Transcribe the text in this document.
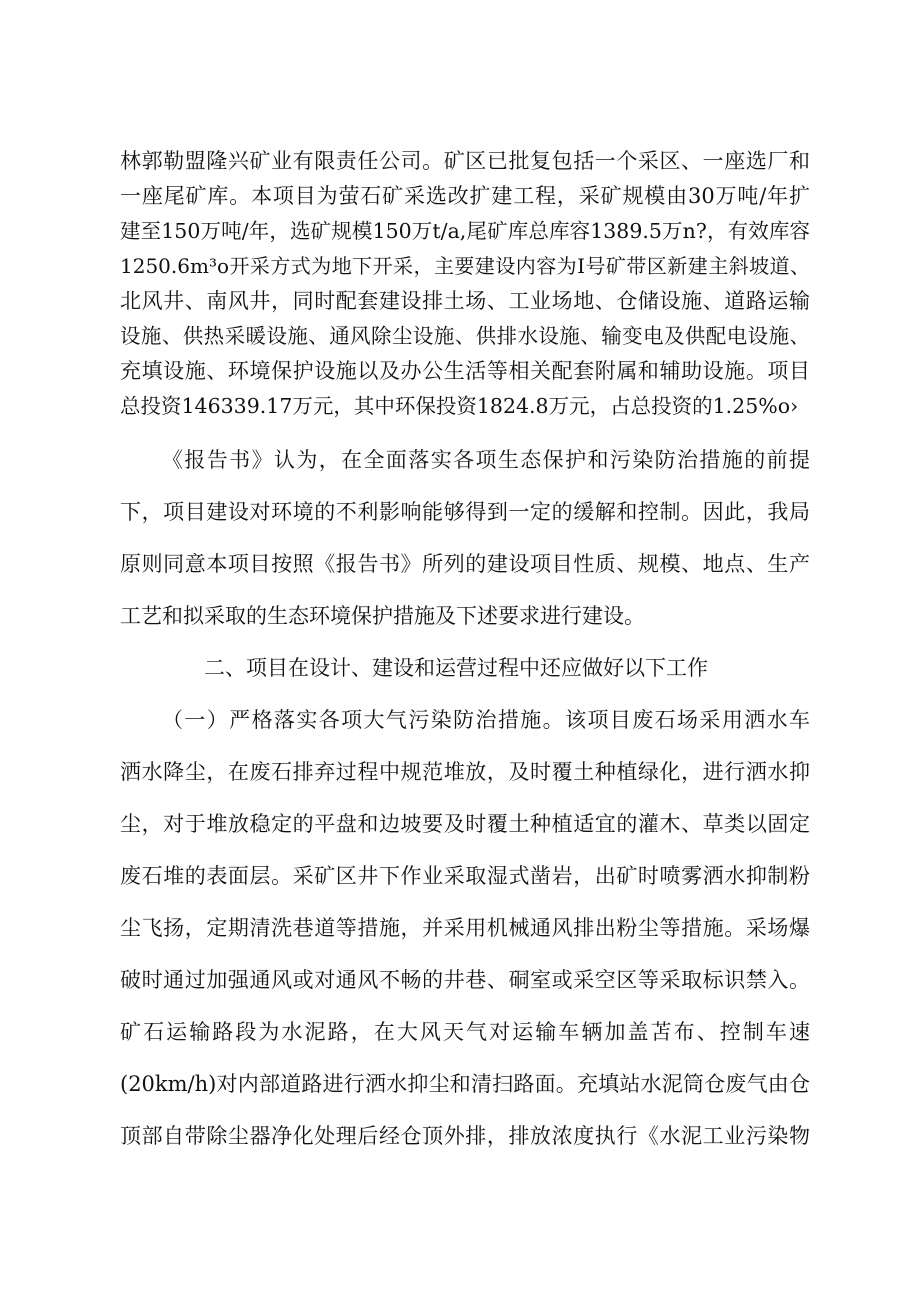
林郭勒盟隆兴矿业有限责任公司。矿区已批复包括一个采区、一座选厂和
一座尾矿库。本项目为萤石矿采选改扩建工程，采矿规模由30万吨/年扩
建至150万吨/年，选矿规模150万t/a,尾矿库总库容1389.5万n?，有效库容
1250.6m³o开采方式为地下开采，主要建设内容为I号矿带区新建主斜坡道、
北风井、南风井，同时配套建设排土场、工业场地、仓储设施、道路运输
设施、供热采暖设施、通风除尘设施、供排水设施、输变电及供配电设施、
充填设施、环境保护设施以及办公生活等相关配套附属和辅助设施。项目
总投资146339.17万元，其中环保投资1824.8万元，占总投资的1.25%o›
《报告书》认为，在全面落实各项生态保护和污染防治措施的前提
下，项目建设对环境的不利影响能够得到一定的缓解和控制。因此，我局
原则同意本项目按照《报告书》所列的建设项目性质、规模、地点、生产
工艺和拟采取的生态环境保护措施及下述要求进行建设。
二、项目在设计、建设和运营过程中还应做好以下工作
（一）严格落实各项大气污染防治措施。该项目废石场采用洒水车
洒水降尘，在废石排弃过程中规范堆放，及时覆土种植绿化，进行洒水抑
尘，对于堆放稳定的平盘和边坡要及时覆土种植适宜的灌木、草类以固定
废石堆的表面层。采矿区井下作业采取湿式凿岩，出矿时喷雾洒水抑制粉
尘飞扬，定期清洗巷道等措施，并采用机械通风排出粉尘等措施。采场爆
破时通过加强通风或对通风不畅的井巷、硐室或采空区等采取标识禁入。
矿石运输路段为水泥路，在大风天气对运输车辆加盖苫布、控制车速
(20km/h)对内部道路进行洒水抑尘和清扫路面。充填站水泥筒仓废气由仓
顶部自带除尘器净化处理后经仓顶外排，排放浓度执行《水泥工业污染物
